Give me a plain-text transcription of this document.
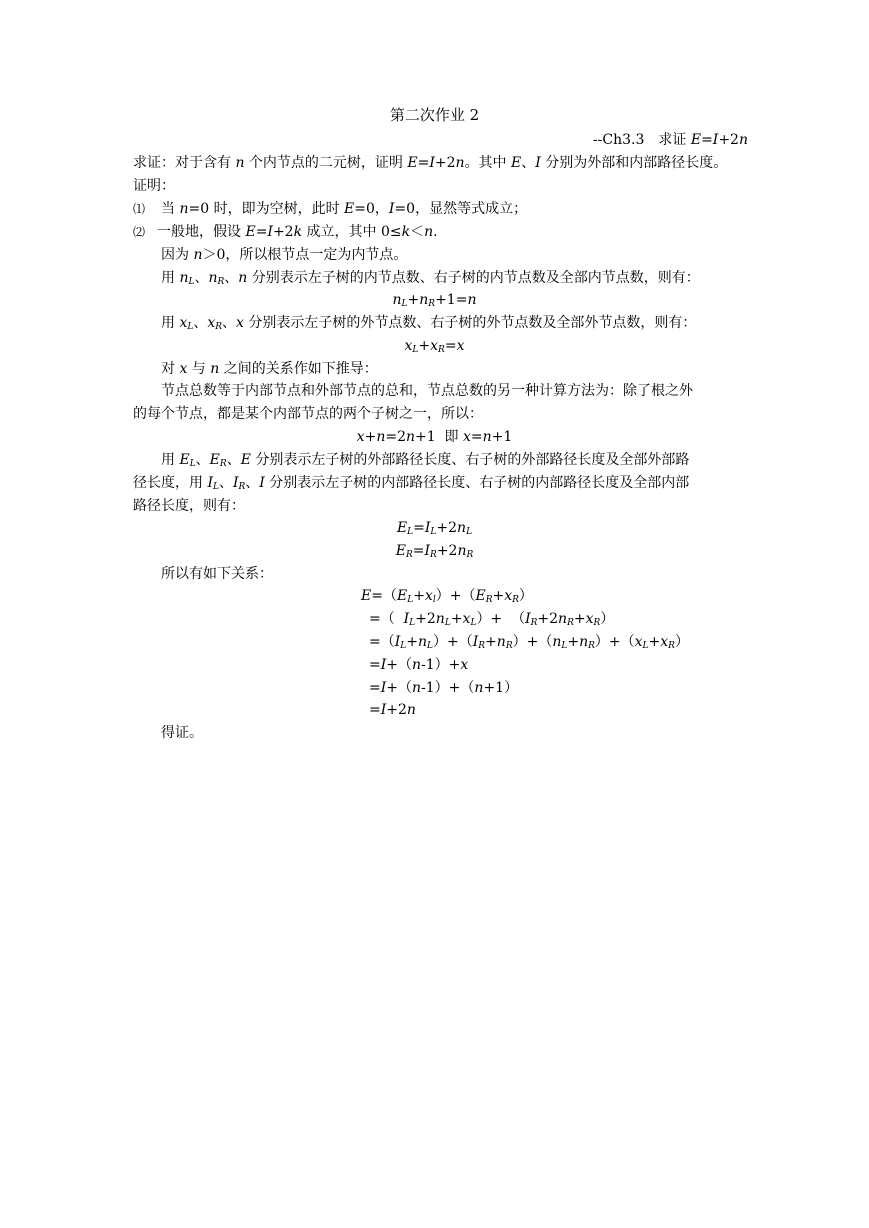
第二次作业 2
--Ch3.3　 求证 E=I+2n
求证：对于含有 n 个内节点的二元树，证明 E=I+2n。其中 E、I 分别为外部和内部路径长度。
证明：
⑴ 当 n=0 时，即为空树，此时 E=0，I=0，显然等式成立；
⑵ 一般地，假设 E=I+2k 成立，其中 0≤k＜n.
因为 n＞0，所以根节点一定为内节点。
用 $n_L$、$n_R$、n 分别表示左子树的内节点数、右子树的内节点数及全部内节点数，则有：
$n_L+n_R+1=n$
用 $x_L$、$x_R$、x 分别表示左子树的外节点数、右子树的外节点数及全部外节点数，则有：
$x_L+x_R=x$
对 x 与 n 之间的关系作如下推导：
节点总数等于内部节点和外部节点的总和，节点总数的另一种计算方法为：除了根之外
的每个节点，都是某个内部节点的两个子树之一，所以：
x+n=2n+1  即 x=n+1
用 $E_L$、$E_R$、E 分别表示左子树的外部路径长度、右子树的外部路径长度及全部外部路
径长度，用 $I_L$、$I_R$、I 分别表示左子树的内部路径长度、右子树的内部路径长度及全部内部
路径长度，则有：
$E_L=I_L+2n_L$
$E_R=I_R+2n_R$
所以有如下关系：
$E=(E_L+x_l)+(E_R+x_R)$
=（  $I_L+2n_L+x_L)+ (I_R+2n_R+x_R)$
$=(I_L+n_L)+(I_R+n_R)+(n_L+n_R)+(x_L+x_R)$
=I+（n-1）+x
=I+（n-1）+（n+1）
=I+2n
得证。
